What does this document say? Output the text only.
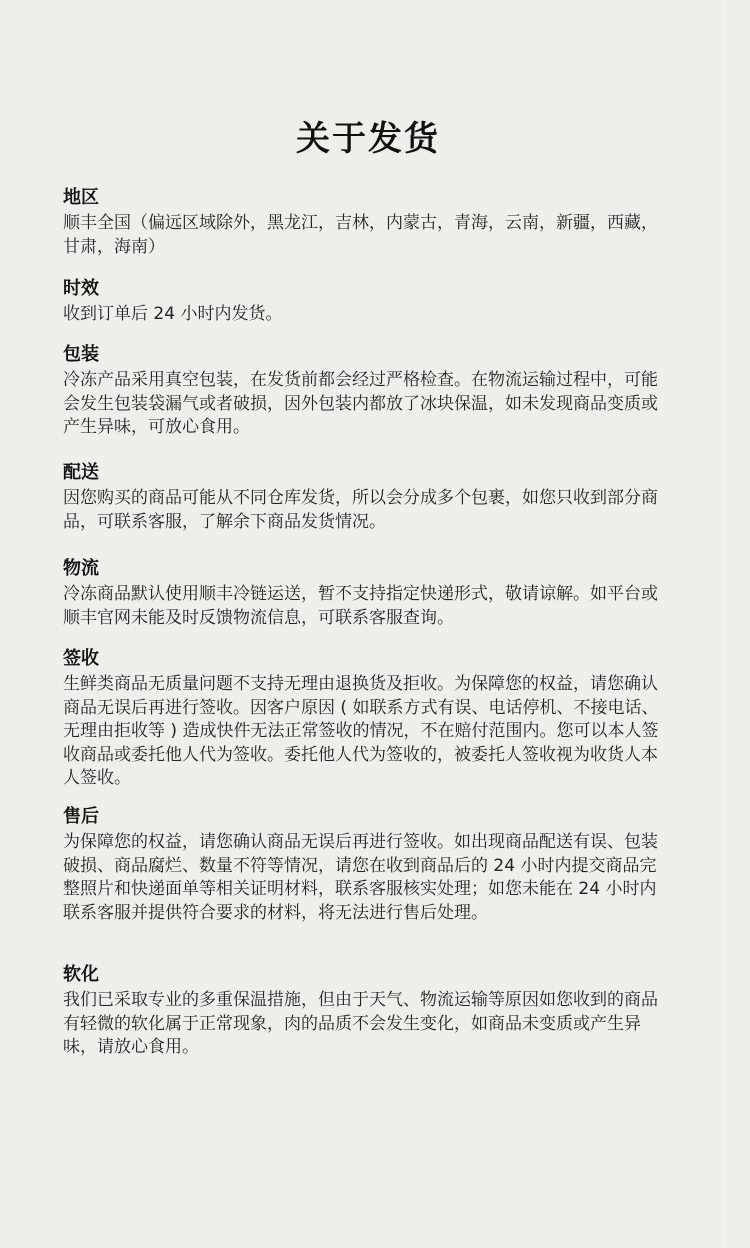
关于发货
地区
顺丰全国（偏远区域除外，黑龙江，吉林，内蒙古，青海，云南，新疆，西藏，甘肃，海南）
时效
收到订单后 24 小时内发货。
包装
冷冻产品采用真空包装，在发货前都会经过严格检查。在物流运输过程中，可能会发生包装袋漏气或者破损，因外包装内都放了冰块保温，如未发现商品变质或产生异味，可放心食用。
配送
因您购买的商品可能从不同仓库发货，所以会分成多个包裹，如您只收到部分商品，可联系客服，了解余下商品发货情况。
物流
冷冻商品默认使用顺丰冷链运送，暂不支持指定快递形式，敬请谅解。如平台或顺丰官网未能及时反馈物流信息，可联系客服查询。
签收
生鲜类商品无质量问题不支持无理由退换货及拒收。为保障您的权益，请您确认商品无误后再进行签收。因客户原因 ( 如联系方式有误、电话停机、不接电话、无理由拒收等 ) 造成快件无法正常签收的情况，不在赔付范围内。您可以本人签收商品或委托他人代为签收。委托他人代为签收的，被委托人签收视为收货人本人签收。
售后
为保障您的权益，请您确认商品无误后再进行签收。如出现商品配送有误、包装破损、商品腐烂、数量不符等情况，请您在收到商品后的 24 小时内提交商品完整照片和快递面单等相关证明材料，联系客服核实处理；如您未能在 24 小时内联系客服并提供符合要求的材料，将无法进行售后处理。
软化
我们已采取专业的多重保温措施，但由于天气、物流运输等原因如您收到的商品有轻微的软化属于正常现象，肉的品质不会发生变化，如商品未变质或产生异味，请放心食用。
